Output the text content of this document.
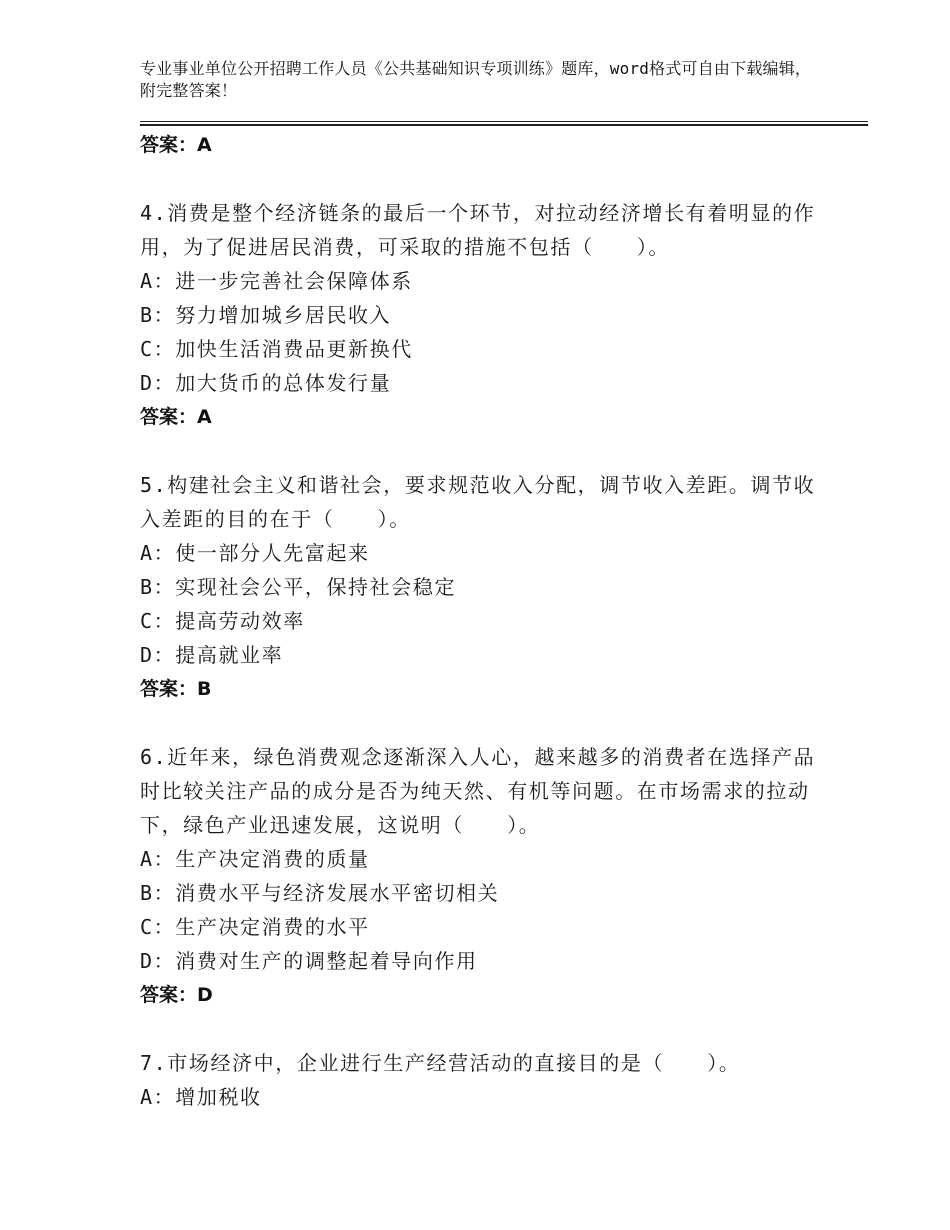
专业事业单位公开招聘工作人员《公共基础知识专项训练》题库，word格式可自由下载编辑，附完整答案！
答案：A
4.消费是整个经济链条的最后一个环节，对拉动经济增长有着明显的作用，为了促进居民消费，可采取的措施不包括（　　）。
A：进一步完善社会保障体系
B：努力增加城乡居民收入
C：加快生活消费品更新换代
D：加大货币的总体发行量
答案：A
5.构建社会主义和谐社会，要求规范收入分配，调节收入差距。调节收入差距的目的在于（　　）。
A：使一部分人先富起来
B：实现社会公平，保持社会稳定
C：提高劳动效率
D：提高就业率
答案：B
6.近年来，绿色消费观念逐渐深入人心，越来越多的消费者在选择产品时比较关注产品的成分是否为纯天然、有机等问题。在市场需求的拉动下，绿色产业迅速发展，这说明（　　）。
A：生产决定消费的质量
B：消费水平与经济发展水平密切相关
C：生产决定消费的水平
D：消费对生产的调整起着导向作用
答案：D
7.市场经济中，企业进行生产经营活动的直接目的是（　　）。
A：增加税收
